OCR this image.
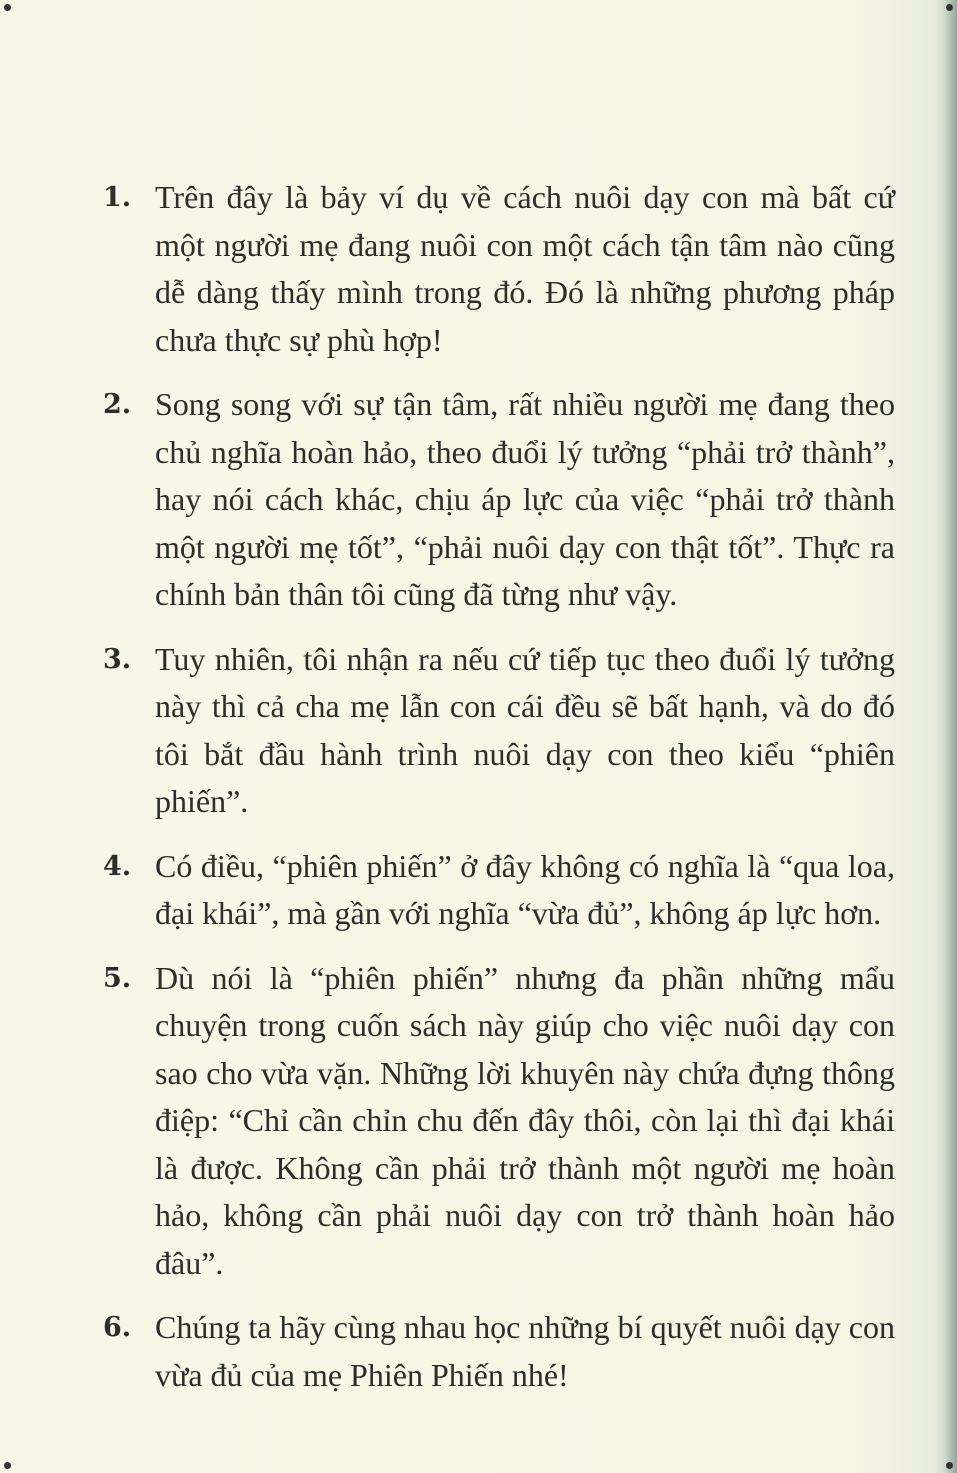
1. Trên đây là bảy ví dụ về cách nuôi dạy con mà bất cứ một người mẹ đang nuôi con một cách tận tâm nào cũng dễ dàng thấy mình trong đó. Đó là những phương pháp chưa thực sự phù hợp!
2. Song song với sự tận tâm, rất nhiều người mẹ đang theo chủ nghĩa hoàn hảo, theo đuổi lý tưởng “phải trở thành”, hay nói cách khác, chịu áp lực của việc “phải trở thành một người mẹ tốt”, “phải nuôi dạy con thật tốt”. Thực ra chính bản thân tôi cũng đã từng như vậy.
3. Tuy nhiên, tôi nhận ra nếu cứ tiếp tục theo đuổi lý tưởng này thì cả cha mẹ lẫn con cái đều sẽ bất hạnh, và do đó tôi bắt đầu hành trình nuôi dạy con theo kiểu “phiên phiến”.
4. Có điều, “phiên phiến” ở đây không có nghĩa là “qua loa, đại khái”, mà gần với nghĩa “vừa đủ”, không áp lực hơn.
5. Dù nói là “phiên phiến” nhưng đa phần những mẩu chuyện trong cuốn sách này giúp cho việc nuôi dạy con sao cho vừa vặn. Những lời khuyên này chứa đựng thông điệp: “Chỉ cần chỉn chu đến đây thôi, còn lại thì đại khái là được. Không cần phải trở thành một người mẹ hoàn hảo, không cần phải nuôi dạy con trở thành hoàn hảo đâu”.
6. Chúng ta hãy cùng nhau học những bí quyết nuôi dạy con vừa đủ của mẹ Phiên Phiến nhé!
